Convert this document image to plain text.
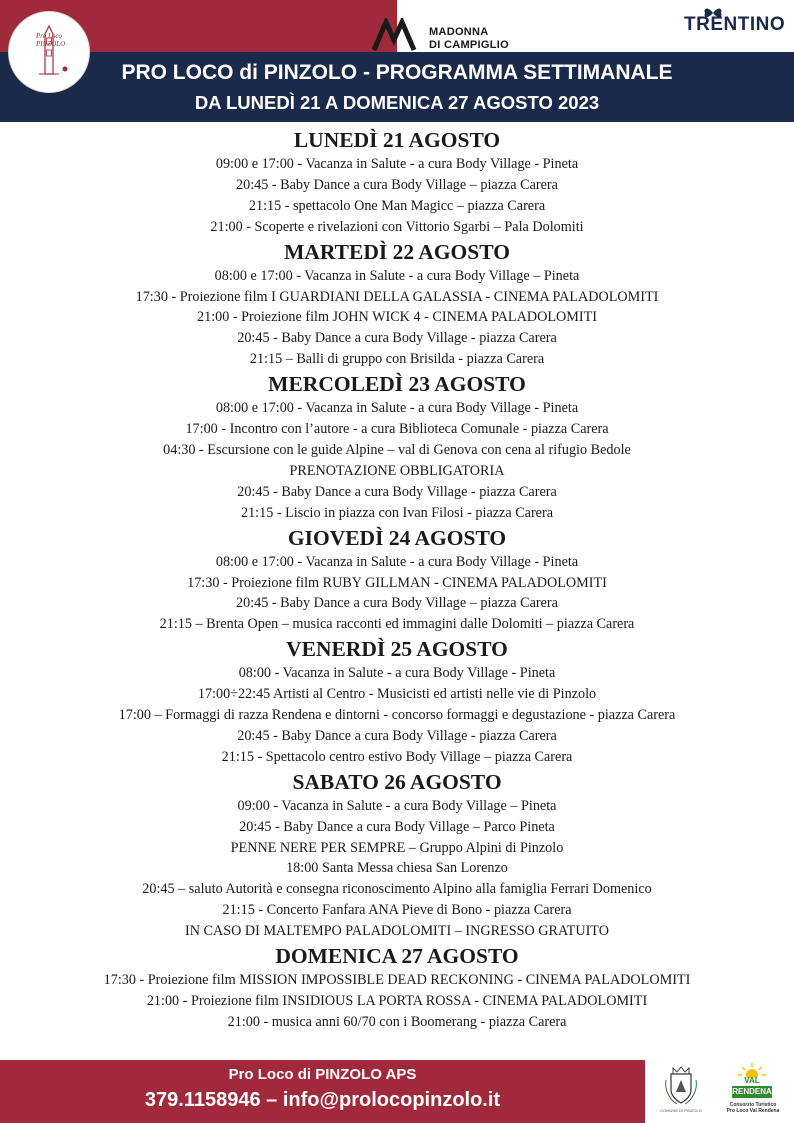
Pro Loco PINZOLO
MADONNA
DI CAMPIGLIO
TRENTINO
PRO LOCO di PINZOLO - PROGRAMMA SETTIMANALE
DA LUNEDÌ 21 A DOMENICA 27 AGOSTO 2023
LUNEDÌ 21 AGOSTO
09:00 e 17:00 - Vacanza in Salute - a cura Body Village - Pineta
20:45 - Baby Dance a cura Body Village – piazza Carera
21:15 - spettacolo One Man Magicc – piazza Carera
21:00 - Scoperte e rivelazioni con Vittorio Sgarbi – Pala Dolomiti
MARTEDÌ 22 AGOSTO
08:00 e 17:00 - Vacanza in Salute - a cura Body Village – Pineta
17:30 - Proiezione film I GUARDIANI DELLA GALASSIA - CINEMA PALADOLOMITI
21:00 - Proiezione film JOHN WICK 4 - CINEMA PALADOLOMITI
20:45 - Baby Dance a cura Body Village - piazza Carera
21:15 – Balli di gruppo con Brisilda - piazza Carera
MERCOLEDÌ 23 AGOSTO
08:00 e 17:00 - Vacanza in Salute - a cura Body Village - Pineta
17:00 - Incontro con l’autore - a cura Biblioteca Comunale - piazza Carera
04:30 - Escursione con le guide Alpine – val di Genova con cena al rifugio Bedole
PRENOTAZIONE OBBLIGATORIA
20:45 - Baby Dance a cura Body Village - piazza Carera
21:15 - Liscio in piazza con Ivan Filosi - piazza Carera
GIOVEDÌ 24 AGOSTO
08:00 e 17:00 - Vacanza in Salute - a cura Body Village - Pineta
17:30 - Proiezione film RUBY GILLMAN - CINEMA PALADOLOMITI
20:45 - Baby Dance a cura Body Village – piazza Carera
21:15 – Brenta Open – musica racconti ed immagini dalle Dolomiti – piazza Carera
VENERDÌ 25 AGOSTO
08:00 - Vacanza in Salute - a cura Body Village - Pineta
17:00÷22:45 Artisti al Centro - Musicisti ed artisti nelle vie di Pinzolo
17:00 – Formaggi di razza Rendena e dintorni - concorso formaggi e degustazione - piazza Carera
20:45 - Baby Dance a cura Body Village - piazza Carera
21:15 - Spettacolo centro estivo Body Village – piazza Carera
SABATO 26 AGOSTO
09:00 - Vacanza in Salute - a cura Body Village – Pineta
20:45 - Baby Dance a cura Body Village – Parco Pineta
PENNE NERE PER SEMPRE – Gruppo Alpini di Pinzolo
18:00 Santa Messa chiesa San Lorenzo
20:45 – saluto Autorità e consegna riconoscimento Alpino alla famiglia Ferrari Domenico
21:15 - Concerto Fanfara ANA Pieve di Bono - piazza Carera
IN CASO DI MALTEMPO PALADOLOMITI – INGRESSO GRATUITO
DOMENICA 27 AGOSTO
17:30 - Proiezione film MISSION IMPOSSIBLE DEAD RECKONING - CINEMA PALADOLOMITI
21:00 - Proiezione film INSIDIOUS LA PORTA ROSSA - CINEMA PALADOLOMITI
21:00 - musica anni 60/70 con i Boomerang - piazza Carera
Pro Loco di PINZOLO APS
379.1158946 – info@prolocopinzolo.it	COMUNE DI PINZOLO
VAL
RENDENA
Consorzio Turistico Pro Loco Val Rendena
